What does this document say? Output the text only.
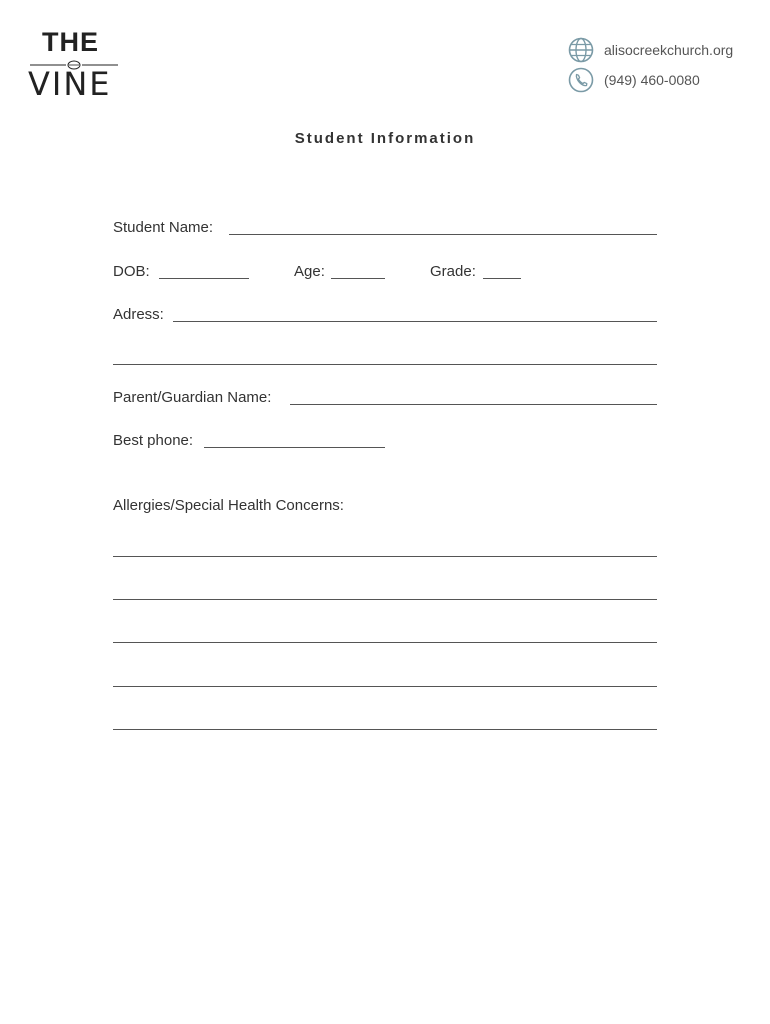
THE
VINE
alisocreekchurch.org
(949) 460-0080
Student Information
Student Name:
DOB:	Age:	Grade:
Adress:
Parent/Guardian Name:
Best phone:
Allergies/Special Health Concerns:
